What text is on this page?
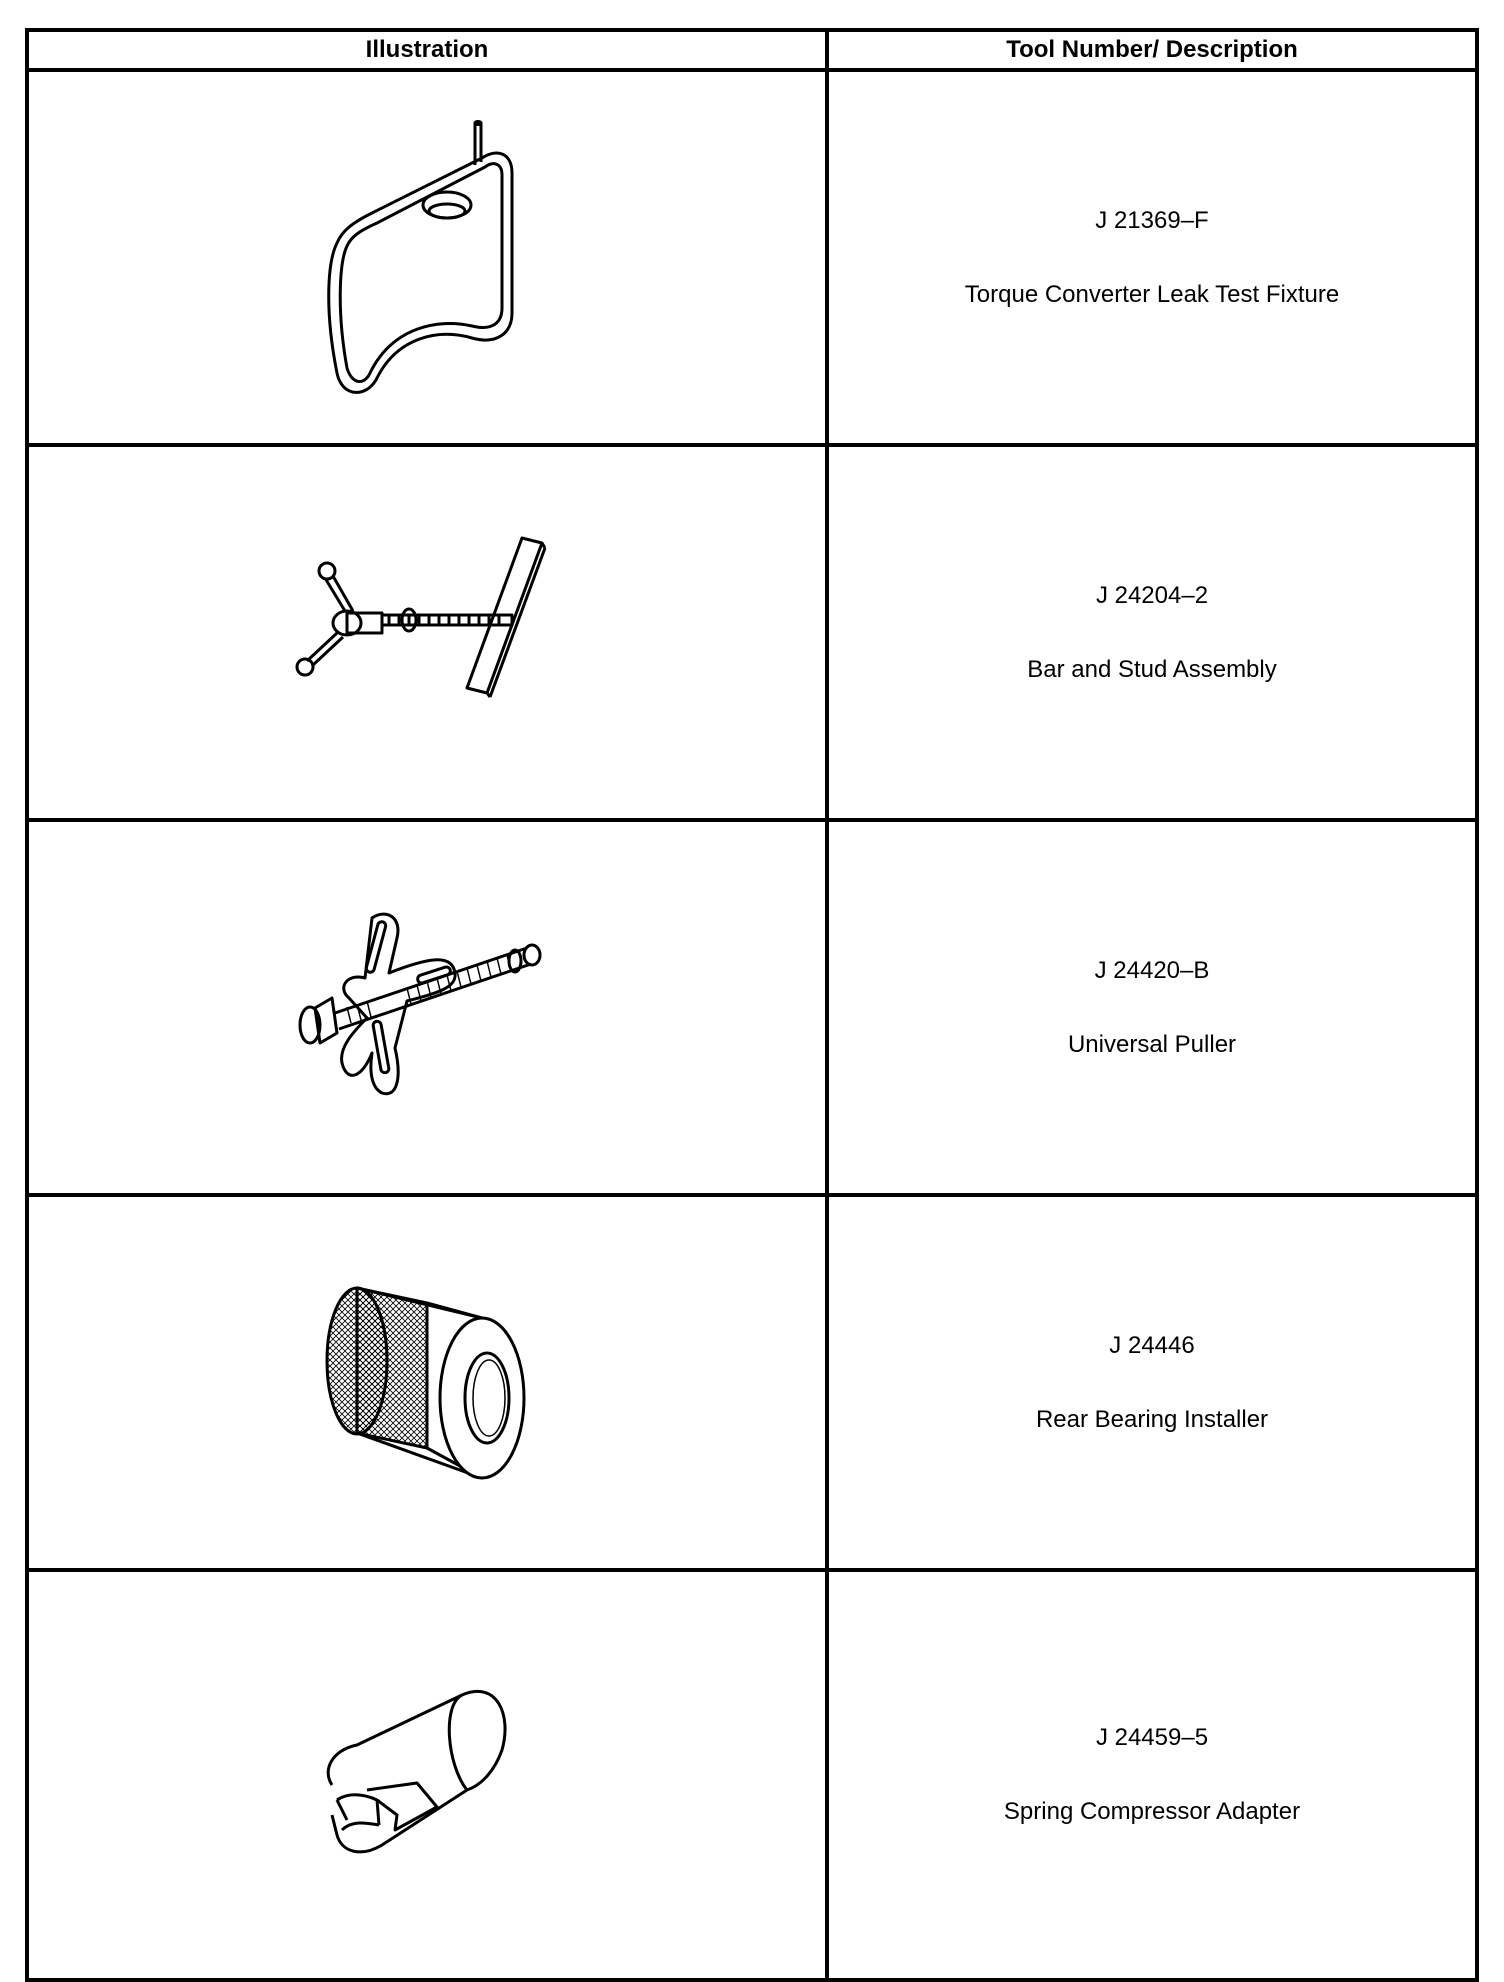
Illustration	Tool Number/ Description

J 21369–F
Torque Converter Leak Test Fixture

J 24204–2
Bar and Stud Assembly

J 24420–B
Universal Puller

J 24446
Rear Bearing Installer

J 24459–5
Spring Compressor Adapter
